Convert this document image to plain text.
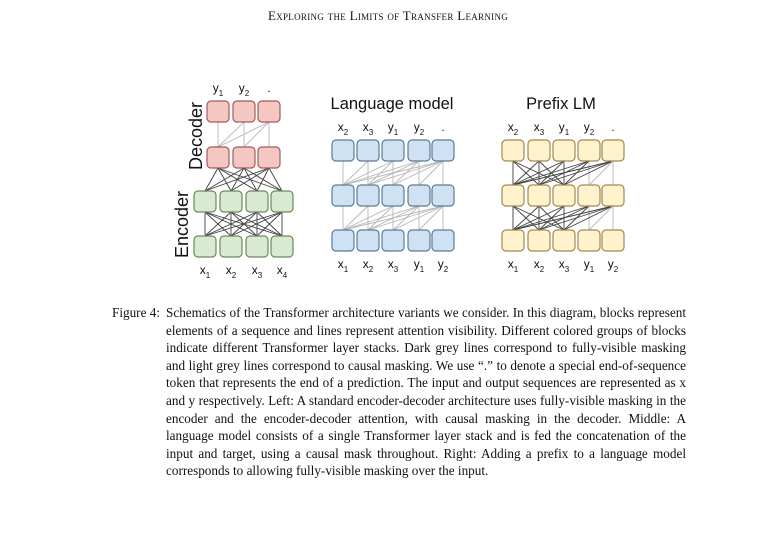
Exploring the Limits of Transfer Learning
$x_1$ $x_2$ $x_3$ $x_4$
$y_1$ $y_2$ .
Decoder
Encoder
$x_1$ $x_2$ $x_3$ $y_1$ $y_2$
$x_2$ $x_3$ $y_1$ $y_2$ .
Language model
$x_1$ $x_2$ $x_3$ $y_1$ $y_2$
$x_2$ $x_3$ $y_1$ $y_2$ .
Prefix LM
Figure 4: Schematics of the Transformer architecture variants we consider. In this diagram, blocks represent elements of a sequence and lines represent attention visibility. Different colored groups of blocks indicate different Transformer layer stacks. Dark grey lines correspond to fully-visible masking and light grey lines correspond to causal masking. We use “.” to denote a special end-of-sequence token that represents the end of a prediction. The input and output sequences are represented as x and y respectively. Left: A standard encoder-decoder architecture uses fully-visible masking in the encoder and the encoder-decoder attention, with causal masking in the decoder. Middle: A language model consists of a single Transformer layer stack and is fed the concatenation of the input and target, using a causal mask throughout. Right: Adding a prefix to a language model corresponds to allowing fully-visible masking over the input.
